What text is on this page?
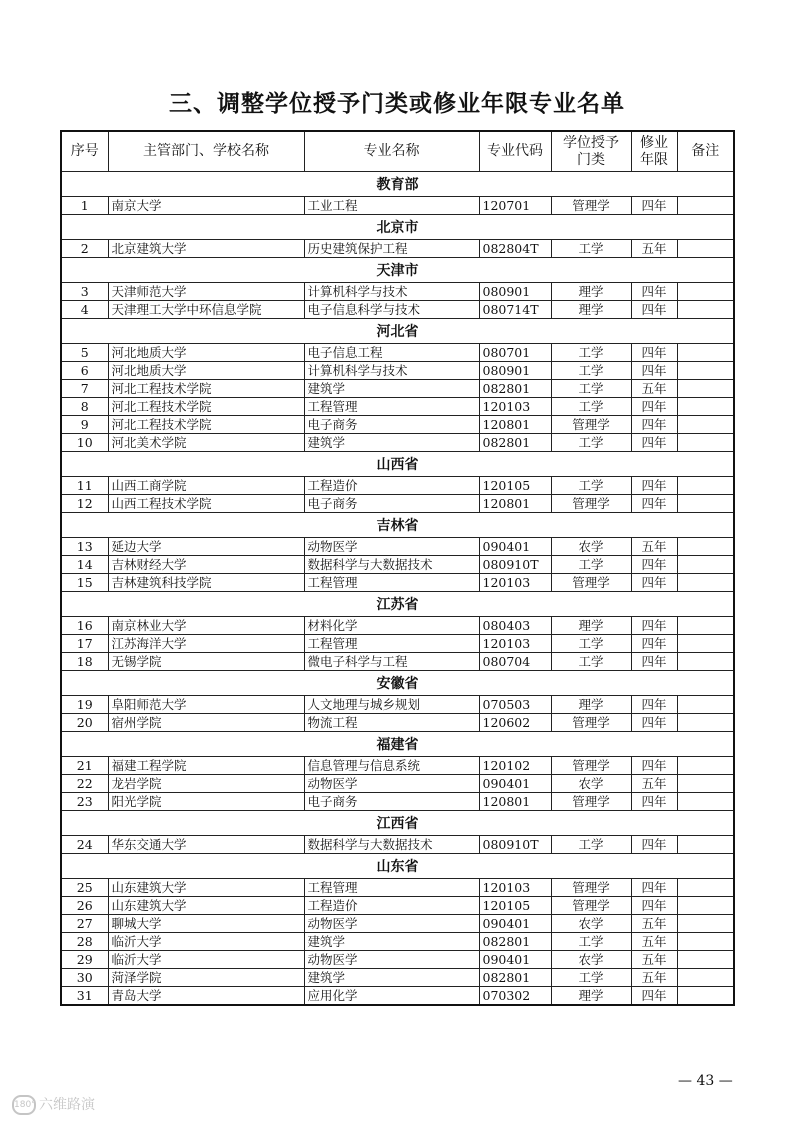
三、调整学位授予门类或修业年限专业名单
序号	主管部门、学校名称	专业名称	专业代码	学位授予门类	修业年限	备注
教育部						
1	南京大学	工业工程	120701	管理学	四年	
北京市						
2	北京建筑大学	历史建筑保护工程	082804T	工学	五年	
天津市						
3	天津师范大学	计算机科学与技术	080901	理学	四年	
4	天津理工大学中环信息学院	电子信息科学与技术	080714T	理学	四年	
河北省						
5	河北地质大学	电子信息工程	080701	工学	四年	
6	河北地质大学	计算机科学与技术	080901	工学	四年	
7	河北工程技术学院	建筑学	082801	工学	五年	
8	河北工程技术学院	工程管理	120103	工学	四年	
9	河北工程技术学院	电子商务	120801	管理学	四年	
10	河北美术学院	建筑学	082801	工学	四年	
山西省						
11	山西工商学院	工程造价	120105	工学	四年	
12	山西工程技术学院	电子商务	120801	管理学	四年	
吉林省						
13	延边大学	动物医学	090401	农学	五年	
14	吉林财经大学	数据科学与大数据技术	080910T	工学	四年	
15	吉林建筑科技学院	工程管理	120103	管理学	四年	
江苏省						
16	南京林业大学	材料化学	080403	理学	四年	
17	江苏海洋大学	工程管理	120103	工学	四年	
18	无锡学院	微电子科学与工程	080704	工学	四年	
安徽省						
19	阜阳师范大学	人文地理与城乡规划	070503	理学	四年	
20	宿州学院	物流工程	120602	管理学	四年	
福建省						
21	福建工程学院	信息管理与信息系统	120102	管理学	四年	
22	龙岩学院	动物医学	090401	农学	五年	
23	阳光学院	电子商务	120801	管理学	四年	
江西省						
24	华东交通大学	数据科学与大数据技术	080910T	工学	四年	
山东省						
25	山东建筑大学	工程管理	120103	管理学	四年	
26	山东建筑大学	工程造价	120105	管理学	四年	
27	聊城大学	动物医学	090401	农学	五年	
28	临沂大学	建筑学	082801	工学	五年	
29	临沂大学	动物医学	090401	农学	五年	
30	菏泽学院	建筑学	082801	工学	五年	
31	青岛大学	应用化学	070302	理学	四年	
— 43 —
180° 六维路演
